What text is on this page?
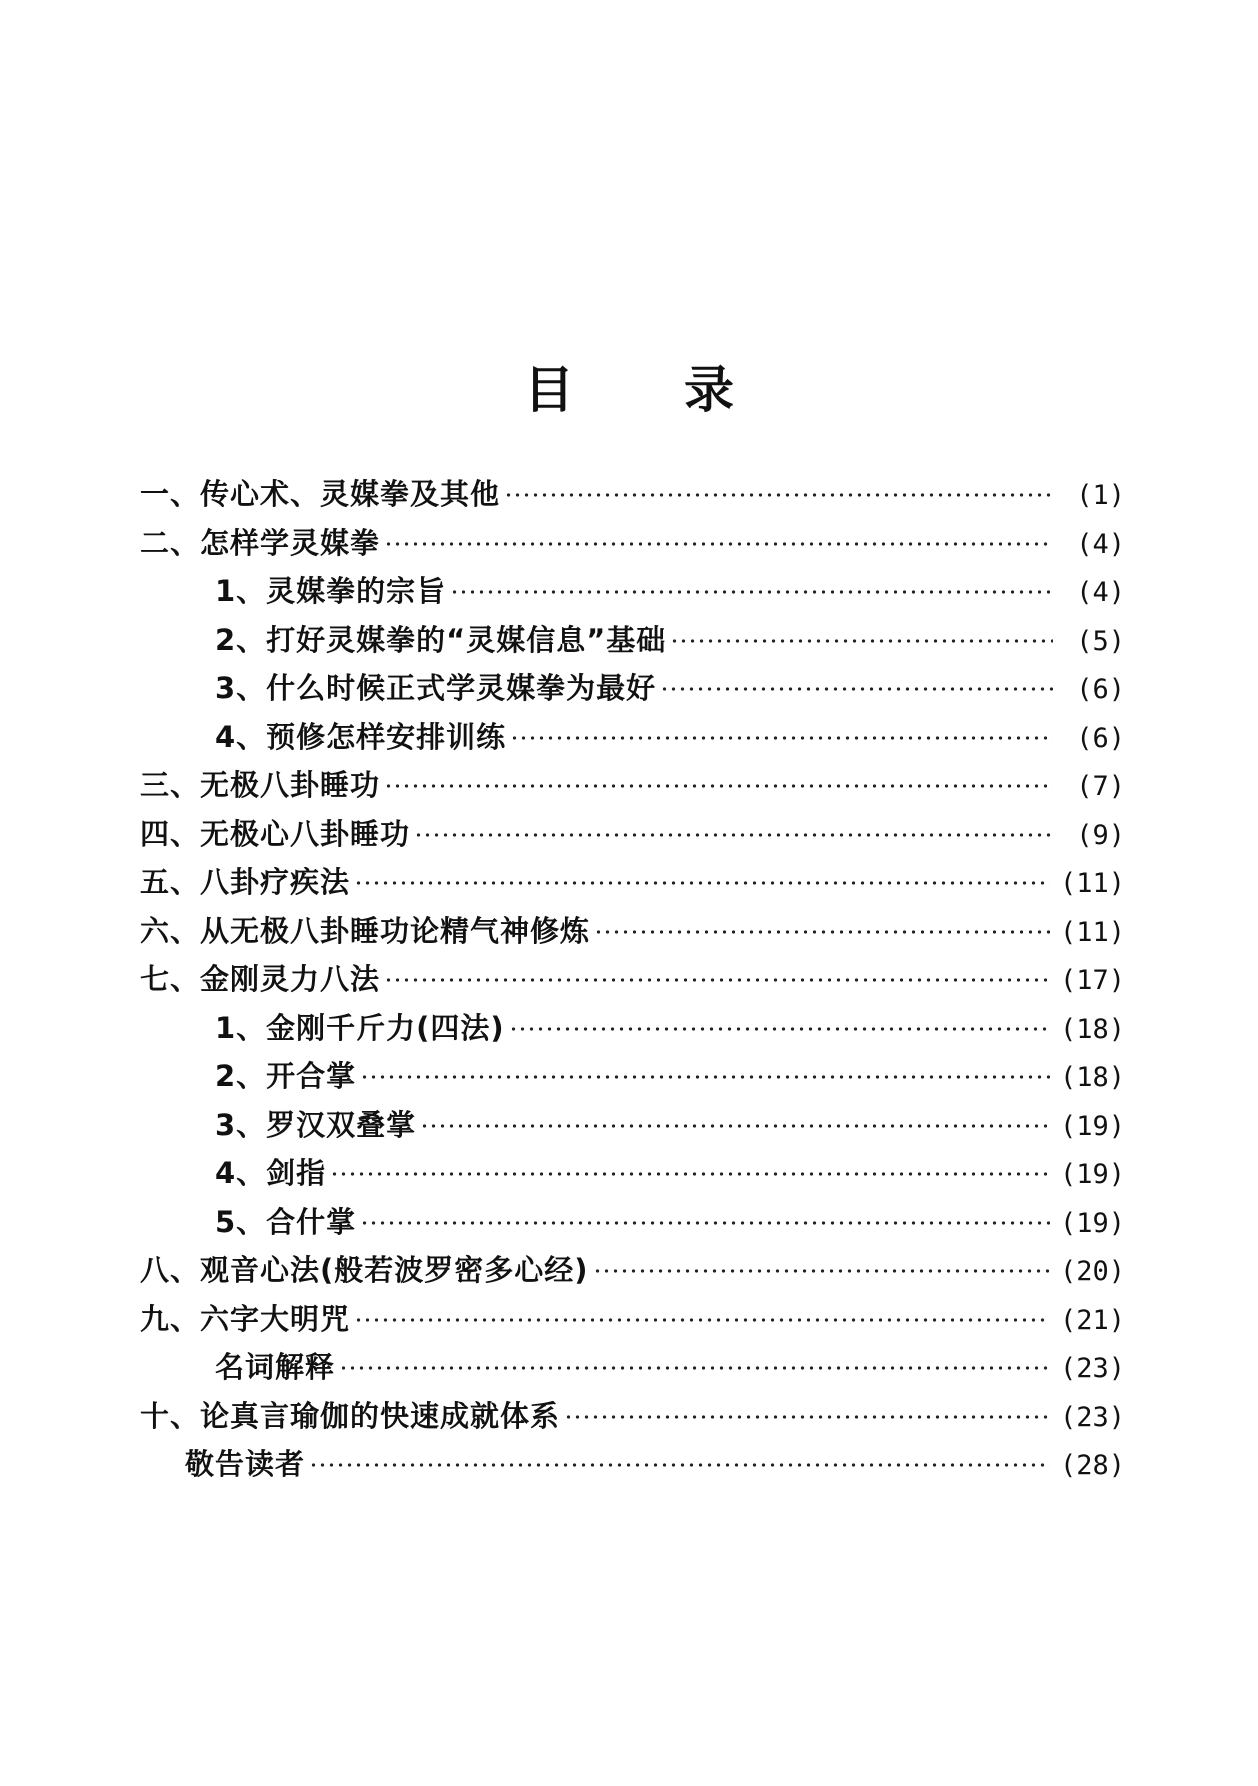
目 录
一、传心术、灵媒拳及其他	(1)
二、怎样学灵媒拳	(4)
1、灵媒拳的宗旨	(4)
2、打好灵媒拳的“灵媒信息”基础	(5)
3、什么时候正式学灵媒拳为最好	(6)
4、预修怎样安排训练	(6)
三、无极八卦睡功	(7)
四、无极心八卦睡功	(9)
五、八卦疗疾法	(11)
六、从无极八卦睡功论精气神修炼	(11)
七、金刚灵力八法	(17)
1、金刚千斤力(四法)	(18)
2、开合掌	(18)
3、罗汉双叠掌	(19)
4、剑指	(19)
5、合什掌	(19)
八、观音心法(般若波罗密多心经)	(20)
九、六字大明咒	(21)
名词解释	(23)
十、论真言瑜伽的快速成就体系	(23)
敬告读者	(28)
